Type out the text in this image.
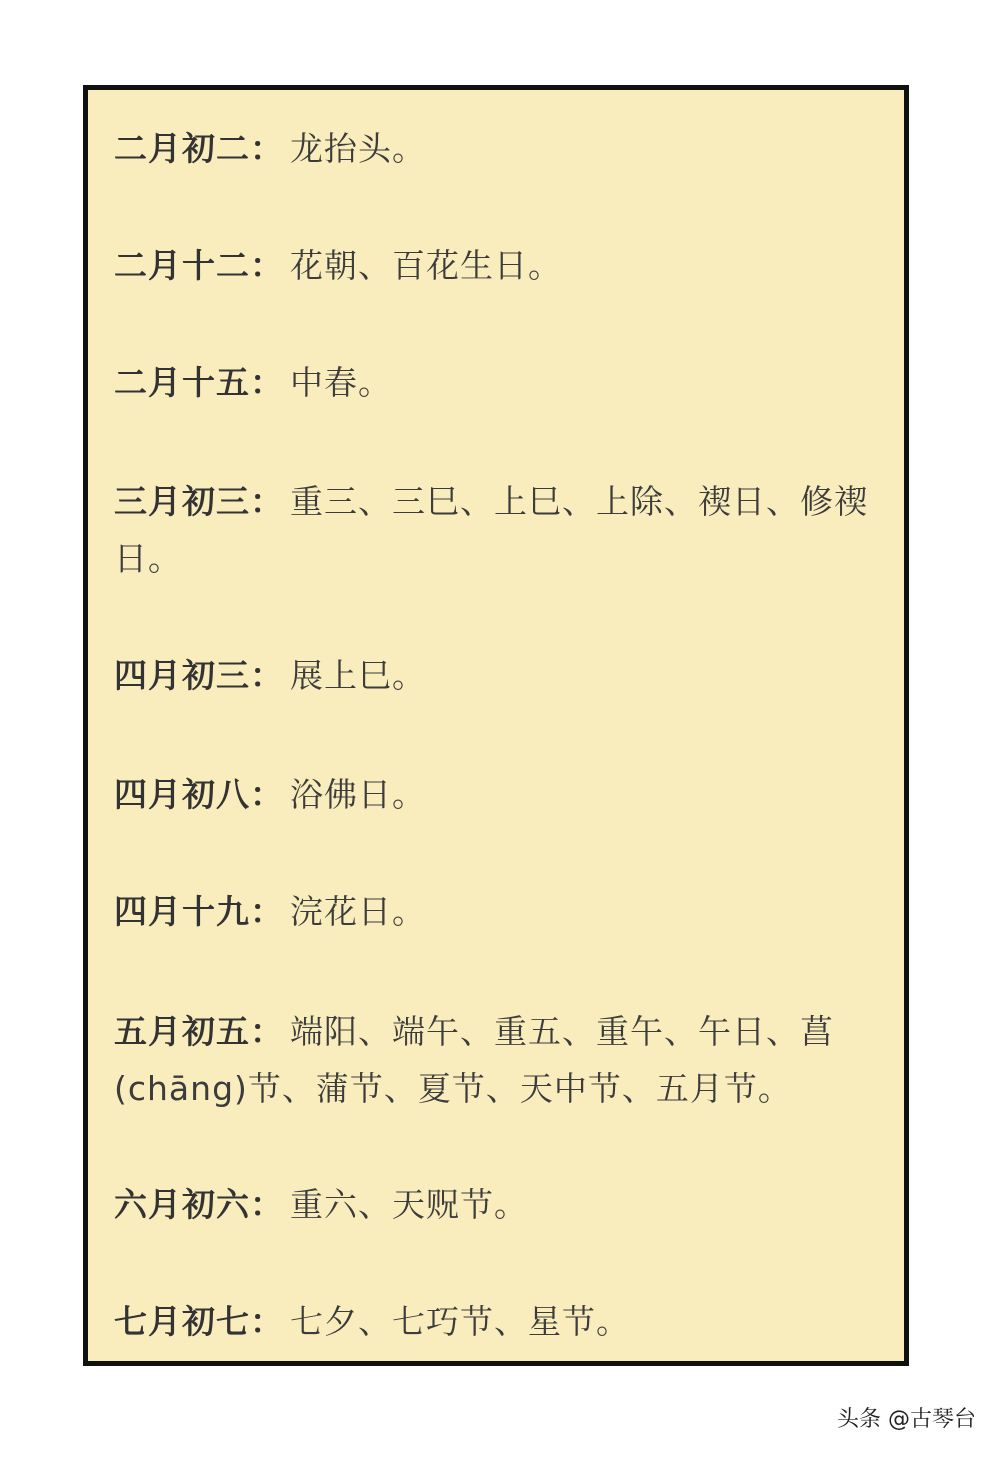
二月初二： 龙抬头。
二月十二： 花朝、百花生日。
二月十五： 中春。
三月初三： 重三、三巳、上巳、上除、禊日、修禊日。
四月初三： 展上巳。
四月初八： 浴佛日。
四月十九： 浣花日。
五月初五： 端阳、端午、重五、重午、午日、菖(chāng)节、蒲节、夏节、天中节、五月节。
六月初六： 重六、天贶节。
七月初七： 七夕、七巧节、星节。
头条 @古琴台
